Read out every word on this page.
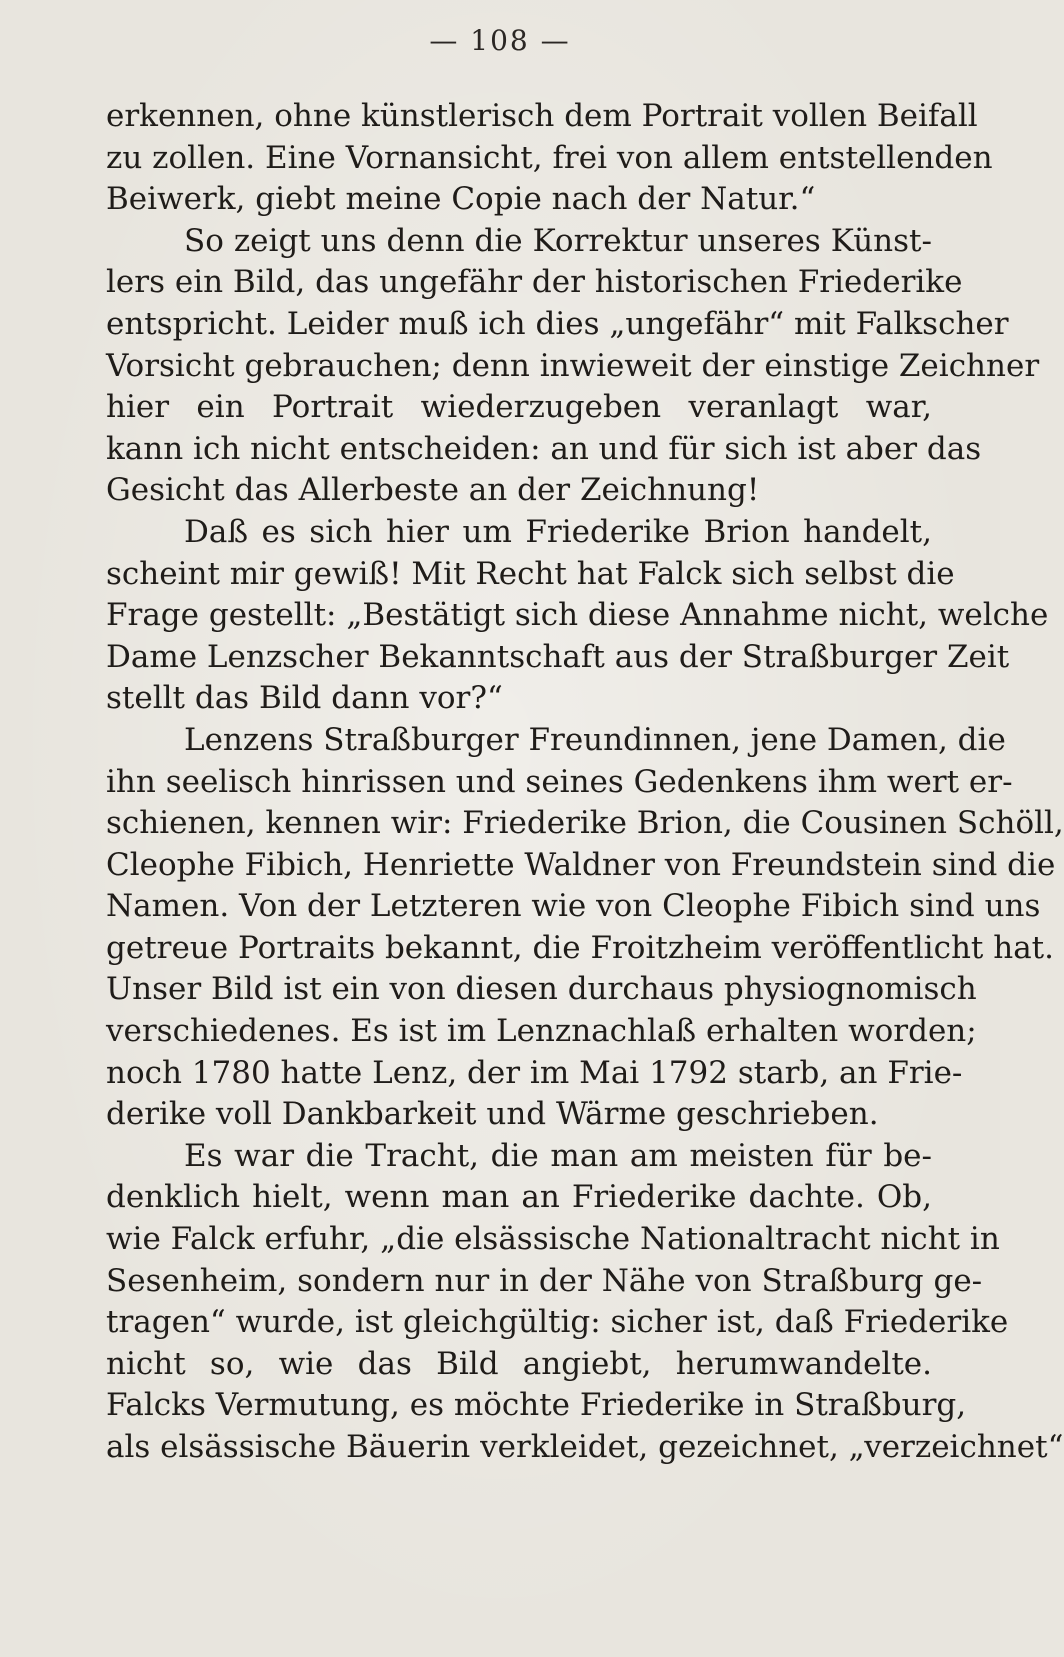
— 108 —
erkennen, ohne künstlerisch dem Portrait vollen Beifall
zu zollen. Eine Vornansicht, frei von allem entstellenden
Beiwerk, giebt meine Copie nach der Natur.“
So zeigt uns denn die Korrektur unseres Künst-
lers ein Bild, das ungefähr der historischen Friederike
entspricht. Leider muß ich dies „ungefähr“ mit Falkscher
Vorsicht gebrauchen; denn inwieweit der einstige Zeichner
hier ein Portrait wiederzugeben veranlagt war,
kann ich nicht entscheiden: an und für sich ist aber das
Gesicht das Allerbeste an der Zeichnung!
Daß es sich hier um Friederike Brion handelt,
scheint mir gewiß! Mit Recht hat Falck sich selbst die
Frage gestellt: „Bestätigt sich diese Annahme nicht, welche
Dame Lenzscher Bekanntschaft aus der Straßburger Zeit
stellt das Bild dann vor?“
Lenzens Straßburger Freundinnen, jene Damen, die
ihn seelisch hinrissen und seines Gedenkens ihm wert er-
schienen, kennen wir: Friederike Brion, die Cousinen Schöll,
Cleophe Fibich, Henriette Waldner von Freundstein sind die
Namen. Von der Letzteren wie von Cleophe Fibich sind uns
getreue Portraits bekannt, die Froitzheim veröffentlicht hat.
Unser Bild ist ein von diesen durchaus physiognomisch
verschiedenes. Es ist im Lenznachlaß erhalten worden;
noch 1780 hatte Lenz, der im Mai 1792 starb, an Frie-
derike voll Dankbarkeit und Wärme geschrieben.
Es war die Tracht, die man am meisten für be-
denklich hielt, wenn man an Friederike dachte. Ob,
wie Falck erfuhr, „die elsässische Nationaltracht nicht in
Sesenheim, sondern nur in der Nähe von Straßburg ge-
tragen“ wurde, ist gleichgültig: sicher ist, daß Friederike
nicht so, wie das Bild angiebt, herumwandelte.
Falcks Vermutung, es möchte Friederike in Straßburg,
als elsässische Bäuerin verkleidet, gezeichnet, „verzeichnet“
